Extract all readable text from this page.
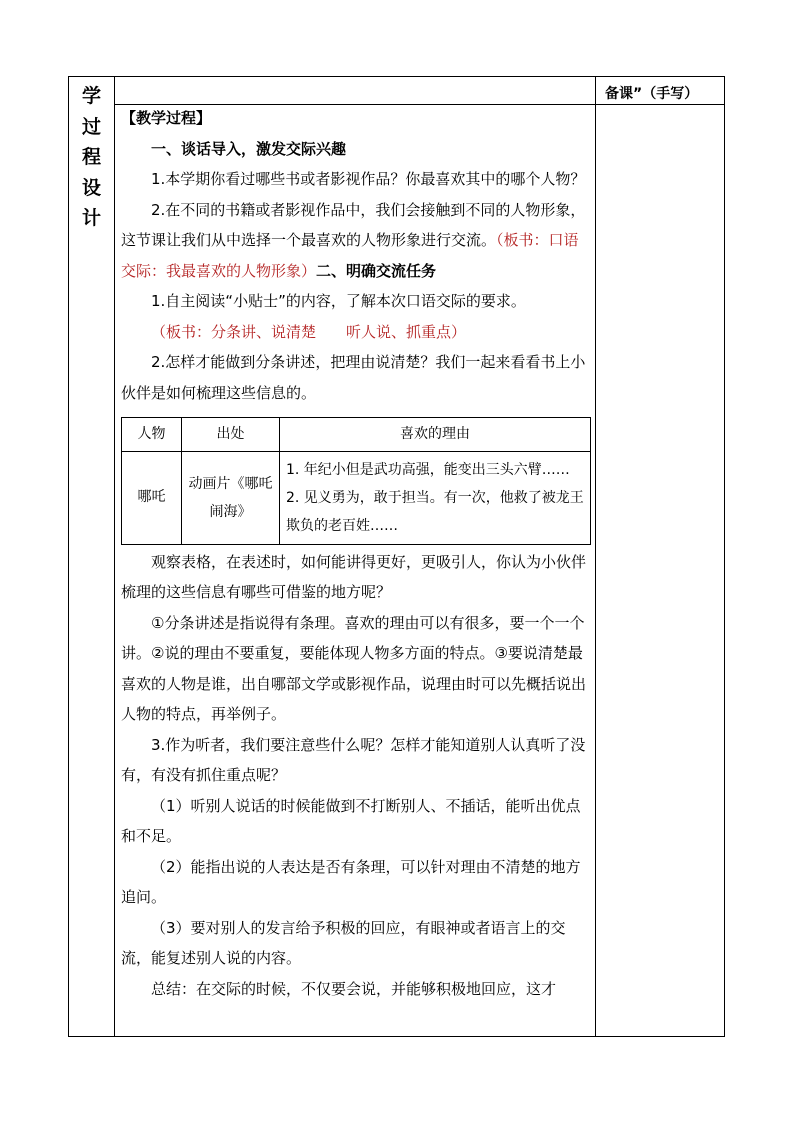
学
过
程
设
计
备课”（手写）

【教学过程】

一、谈话导入，激发交际兴趣

1.本学期你看过哪些书或者影视作品？你最喜欢其中的哪个人物？

2.在不同的书籍或者影视作品中，我们会接触到不同的人物形象，这节课让我们从中选择一个最喜欢的人物形象进行交流。（板书：口语交际：我最喜欢的人物形象）二、明确交流任务

1.自主阅读“小贴士”的内容，了解本次口语交际的要求。

（板书：分条讲、说清楚　　听人说、抓重点）

2.怎样才能做到分条讲述，把理由说清楚？我们一起来看看书上小伙伴是如何梳理这些信息的。

人物	出处	喜欢的理由
哪吒	动画片《哪吒闹海》	1. 年纪小但是武功高强，能变出三头六臂……
2. 见义勇为，敢于担当。有一次，他救了被龙王欺负的老百姓……

观察表格，在表述时，如何能讲得更好，更吸引人，你认为小伙伴梳理的这些信息有哪些可借鉴的地方呢？

①分条讲述是指说得有条理。喜欢的理由可以有很多，要一个一个讲。②说的理由不要重复，要能体现人物多方面的特点。③要说清楚最喜欢的人物是谁，出自哪部文学或影视作品，说理由时可以先概括说出人物的特点，再举例子。

3.作为听者，我们要注意些什么呢？怎样才能知道别人认真听了没有，有没有抓住重点呢？

（1）听别人说话的时候能做到不打断别人、不插话，能听出优点和不足。

（2）能指出说的人表达是否有条理，可以针对理由不清楚的地方追问。

（3）要对别人的发言给予积极的回应，有眼神或者语言上的交流，能复述别人说的内容。

总结：在交际的时候，不仅要会说，并能够积极地回应，这才
